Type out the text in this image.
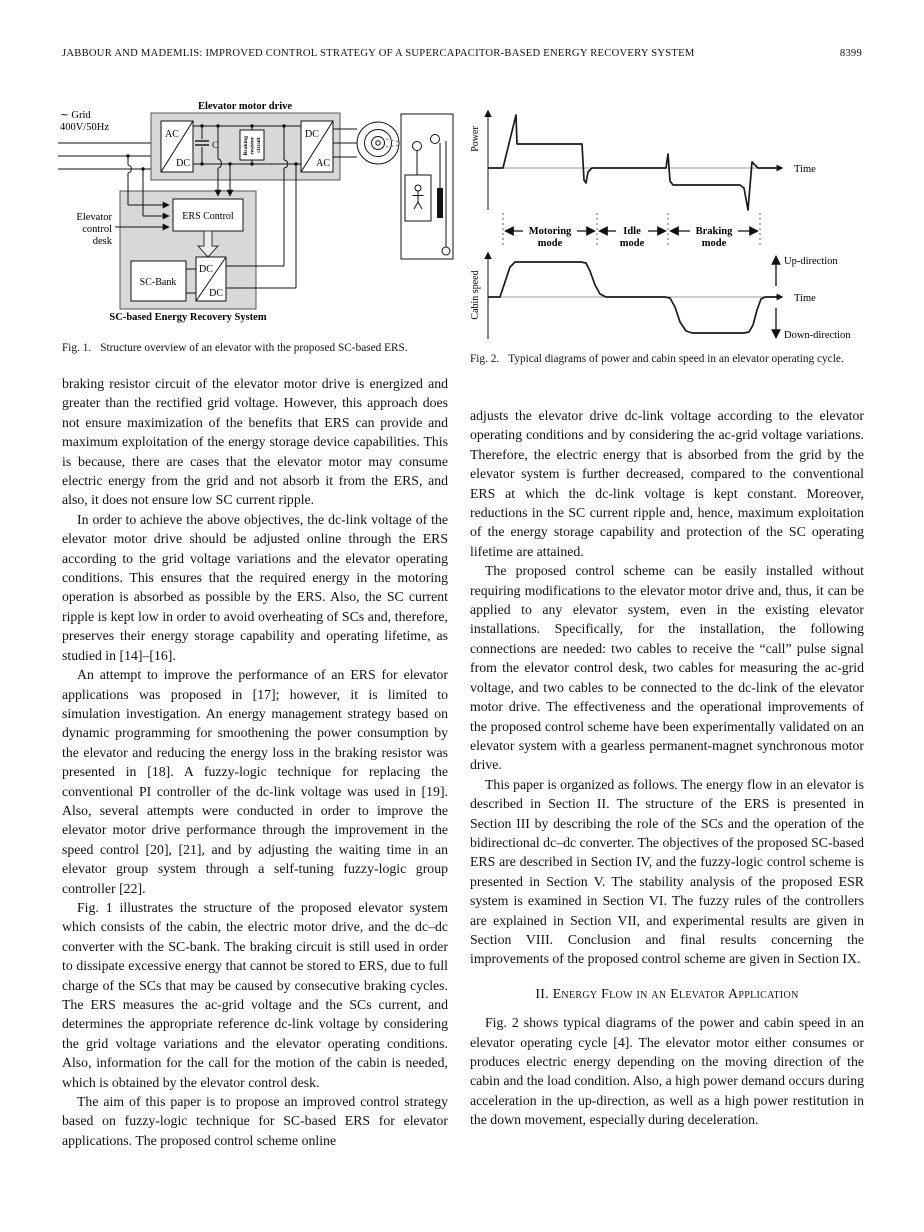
JABBOUR AND MADEMLIS: IMPROVED CONTROL STRATEGY OF A SUPERCAPACITOR-BASED ENERGY RECOVERY SYSTEM	8399
∼ Grid
400V/50Hz
Elevator motor drive
AC
DC
C	Braking resistor circuit
DC
AC
SC-based Energy Recovery System
Elevator
control
desk
ERS Control
SC-Bank
DC
DC
Fig. 1. Structure overview of an elevator with the proposed SC-based ERS.
Power
Time
Motoring
mode
Idle
mode
Braking
mode
Cabin speed	Time
Up-direction
Down-direction
Fig. 2. Typical diagrams of power and cabin speed in an elevator operating cycle.

braking resistor circuit of the elevator motor drive is energized and greater than the rectified grid voltage. However, this approach does not ensure maximization of the benefits that ERS can provide and maximum exploitation of the energy storage device capabilities. This is because, there are cases that the elevator motor may consume electric energy from the grid and not absorb it from the ERS, and also, it does not ensure low SC current ripple.

In order to achieve the above objectives, the dc-link voltage of the elevator motor drive should be adjusted online through the ERS according to the grid voltage variations and the elevator operating conditions. This ensures that the required energy in the motoring operation is absorbed as possible by the ERS. Also, the SC current ripple is kept low in order to avoid overheating of SCs and, therefore, preserves their energy storage capability and operating lifetime, as studied in [14]–[16].

An attempt to improve the performance of an ERS for elevator applications was proposed in [17]; however, it is limited to simulation investigation. An energy management strategy based on dynamic programming for smoothening the power consumption by the elevator and reducing the energy loss in the braking resistor was presented in [18]. A fuzzy-logic technique for replacing the conventional PI controller of the dc-link voltage was used in [19]. Also, several attempts were conducted in order to improve the elevator motor drive performance through the improvement in the speed control [20], [21], and by adjusting the waiting time in an elevator group system through a self-tuning fuzzy-logic group controller [22].

Fig. 1 illustrates the structure of the proposed elevator system which consists of the cabin, the electric motor drive, and the dc–dc converter with the SC-bank. The braking circuit is still used in order to dissipate excessive energy that cannot be stored to ERS, due to full charge of the SCs that may be caused by consecutive braking cycles. The ERS measures the ac-grid voltage and the SCs current, and determines the appropriate reference dc-link voltage by considering the grid voltage variations and the elevator operating conditions. Also, information for the call for the motion of the cabin is needed, which is obtained by the elevator control desk.

The aim of this paper is to propose an improved control strategy based on fuzzy-logic technique for SC-based ERS for elevator applications. The proposed control scheme online

adjusts the elevator drive dc-link voltage according to the elevator operating conditions and by considering the ac-grid voltage variations. Therefore, the electric energy that is absorbed from the grid by the elevator system is further decreased, compared to the conventional ERS at which the dc-link voltage is kept constant. Moreover, reductions in the SC current ripple and, hence, maximum exploitation of the energy storage capability and protection of the SC operating lifetime are attained.

The proposed control scheme can be easily installed without requiring modifications to the elevator motor drive and, thus, it can be applied to any elevator system, even in the existing elevator installations. Specifically, for the installation, the following connections are needed: two cables to receive the “call” pulse signal from the elevator control desk, two cables for measuring the ac-grid voltage, and two cables to be connected to the dc-link of the elevator motor drive. The effectiveness and the operational improvements of the proposed control scheme have been experimentally validated on an elevator system with a gearless permanent-magnet synchronous motor drive.

This paper is organized as follows. The energy flow in an elevator is described in Section II. The structure of the ERS is presented in Section III by describing the role of the SCs and the operation of the bidirectional dc–dc converter. The objectives of the proposed SC-based ERS are described in Section IV, and the fuzzy-logic control scheme is presented in Section V. The stability analysis of the proposed ESR system is examined in Section VI. The fuzzy rules of the controllers are explained in Section VII, and experimental results are given in Section VIII. Conclusion and final results concerning the improvements of the proposed control scheme are given in Section IX.

II. Energy Flow in an Elevator Application

Fig. 2 shows typical diagrams of the power and cabin speed in an elevator operating cycle [4]. The elevator motor either consumes or produces electric energy depending on the moving direction of the cabin and the load condition. Also, a high power demand occurs during acceleration in the up-direction, as well as a high power restitution in the down movement, especially during deceleration.
